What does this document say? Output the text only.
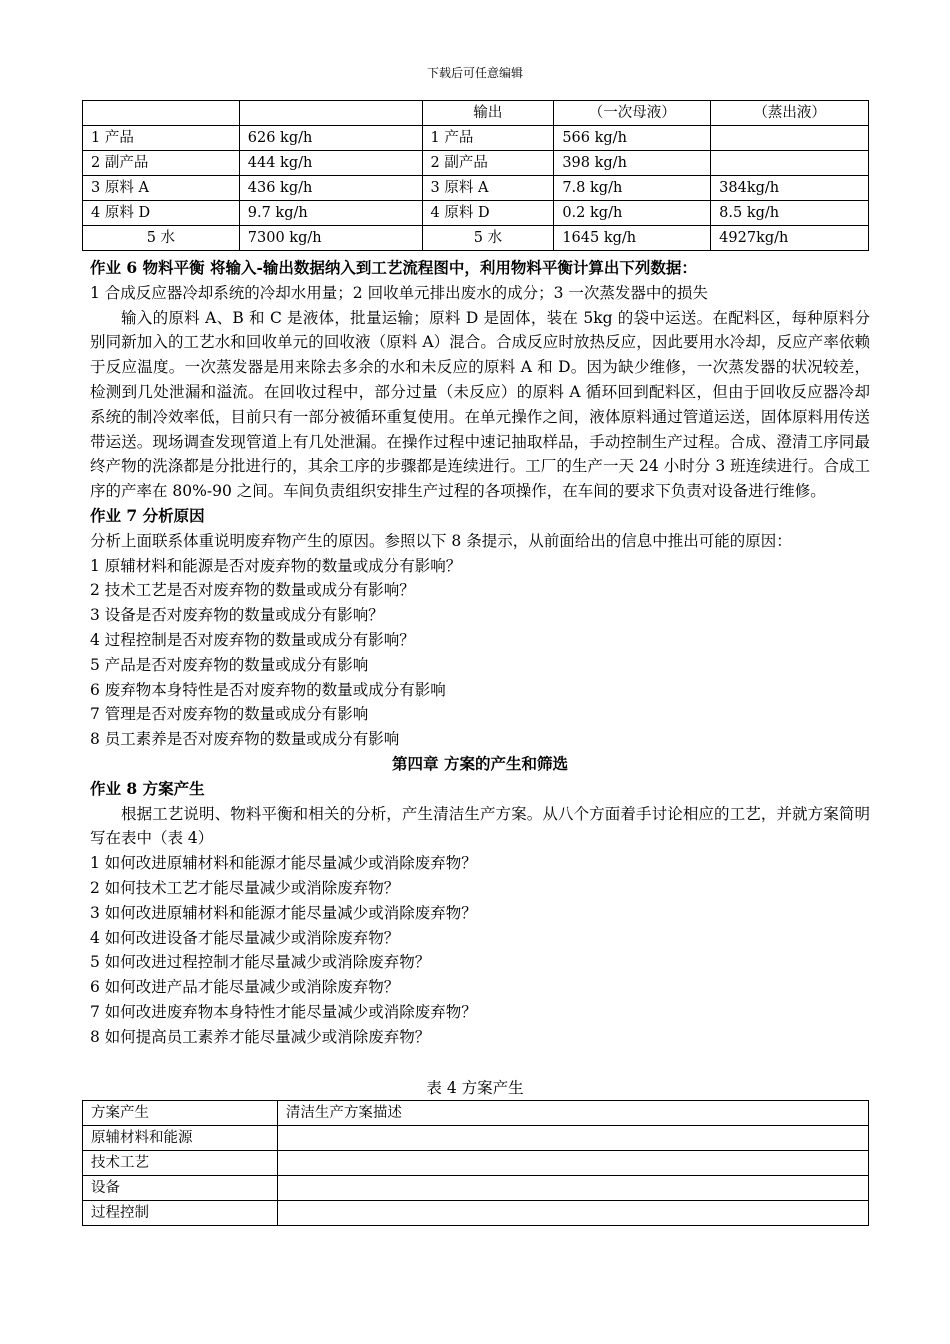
下载后可任意编辑
		输出	（一次母液）	（蒸出液）
1 产品	626 kg/h	1 产品	566 kg/h	
2 副产品	444 kg/h	2 副产品	398 kg/h	
3 原料 A	436 kg/h	3 原料 A	7.8 kg/h	384kg/h
4 原料 D	9.7 kg/h	4 原料 D	0.2 kg/h	8.5 kg/h
5 水	7300 kg/h	5 水	1645 kg/h	4927kg/h

作业 6 物料平衡 将输入-输出数据纳入到工艺流程图中，利用物料平衡计算出下列数据：

1 合成反应器冷却系统的冷却水用量；2 回收单元排出废水的成分；3 一次蒸发器中的损失

输入的原料 A、B 和 C 是液体，批量运输；原料 D 是固体，装在 5kg 的袋中运送。在配料区，每种原料分别同新加入的工艺水和回收单元的回收液（原料 A）混合。合成反应时放热反应，因此要用水冷却，反应产率依赖于反应温度。一次蒸发器是用来除去多余的水和未反应的原料 A 和 D。因为缺少维修，一次蒸发器的状况较差，检测到几处泄漏和溢流。在回收过程中，部分过量（未反应）的原料 A 循环回到配料区，但由于回收反应器冷却系统的制冷效率低，目前只有一部分被循环重复使用。在单元操作之间，液体原料通过管道运送，固体原料用传送带运送。现场调查发现管道上有几处泄漏。在操作过程中速记抽取样品，手动控制生产过程。合成、澄清工序同最终产物的洗涤都是分批进行的，其余工序的步骤都是连续进行。工厂的生产一天 24 小时分 3 班连续进行。合成工序的产率在 80%-90 之间。车间负责组织安排生产过程的各项操作，在车间的要求下负责对设备进行维修。

作业 7 分析原因

分析上面联系体重说明废弃物产生的原因。参照以下 8 条提示，从前面给出的信息中推出可能的原因：

1 原辅材料和能源是否对废弃物的数量或成分有影响？

2 技术工艺是否对废弃物的数量或成分有影响？

3 设备是否对废弃物的数量或成分有影响？

4 过程控制是否对废弃物的数量或成分有影响？

5 产品是否对废弃物的数量或成分有影响

6 废弃物本身特性是否对废弃物的数量或成分有影响

7 管理是否对废弃物的数量或成分有影响

8 员工素养是否对废弃物的数量或成分有影响

第四章 方案的产生和筛选

作业 8 方案产生

根据工艺说明、物料平衡和相关的分析，产生清洁生产方案。从八个方面着手讨论相应的工艺，并就方案简明写在表中（表 4）

1 如何改进原辅材料和能源才能尽量减少或消除废弃物？

2 如何技术工艺才能尽量减少或消除废弃物？

3 如何改进原辅材料和能源才能尽量减少或消除废弃物？

4 如何改进设备才能尽量减少或消除废弃物？

5 如何改进过程控制才能尽量减少或消除废弃物？

6 如何改进产品才能尽量减少或消除废弃物？

7 如何改进废弃物本身特性才能尽量减少或消除废弃物？

8 如何提高员工素养才能尽量减少或消除废弃物？

表 4 方案产生
方案产生	清洁生产方案描述
原辅材料和能源	
技术工艺	
设备	
过程控制	
